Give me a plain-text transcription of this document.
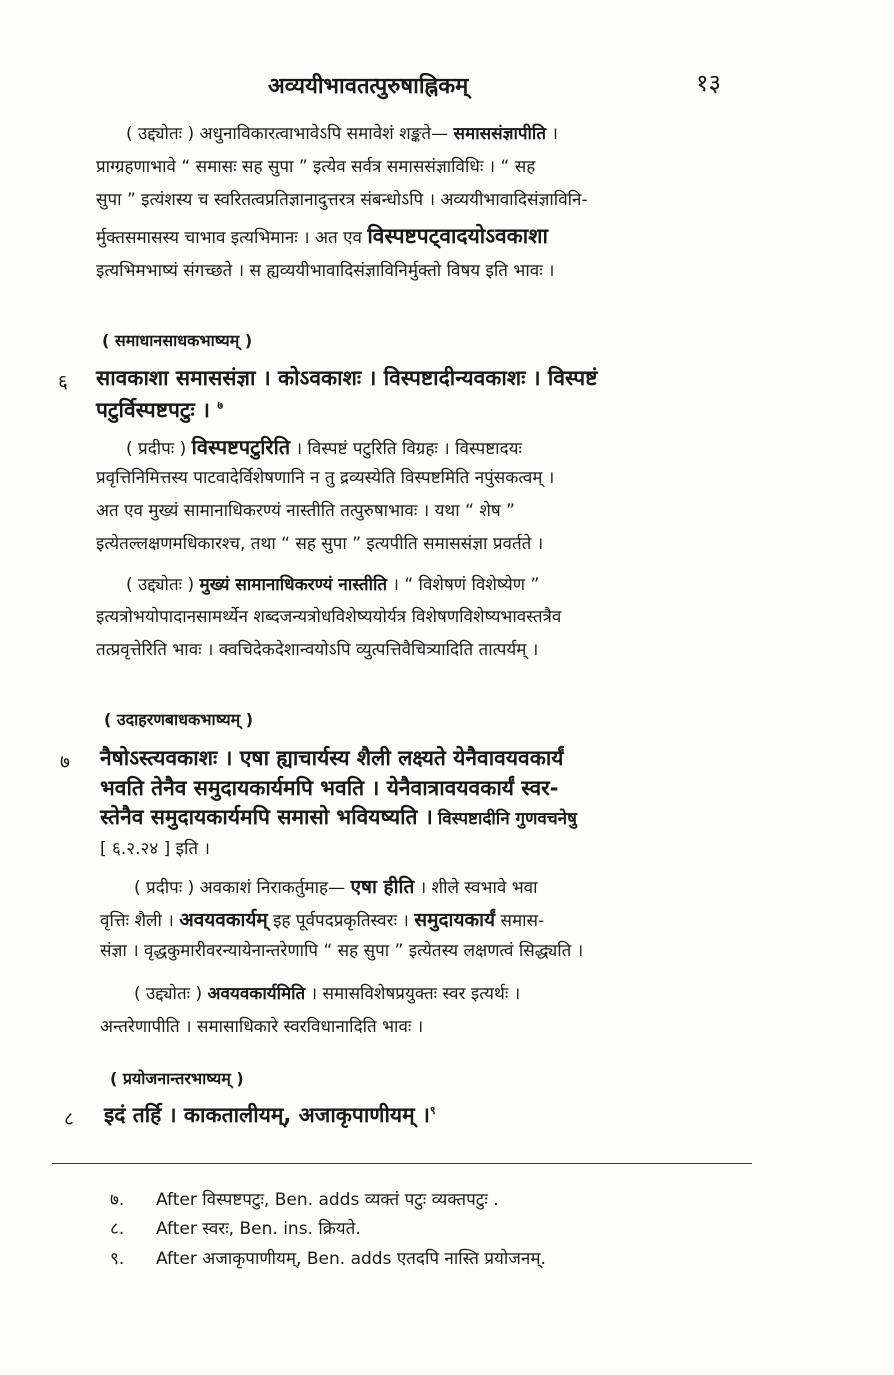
अव्ययीभावतत्पुरुषाह्निकम्	१३
( उद्द्योतः ) अधुनाविकारत्वाभावेऽपि समावेशं शङ्कते— समाससंज्ञापीति ।
प्राग्ग्रहणाभावे “ समासः सह सुपा ” इत्येव सर्वत्र समाससंज्ञाविधिः । “ सह
सुपा ” इत्यंशस्य च स्वरितत्वप्रतिज्ञानादुत्तरत्र संबन्धोऽपि । अव्ययीभावादिसंज्ञाविनि-
र्मुक्तसमासस्य चाभाव इत्यभिमानः । अत एव विस्पष्टपट्वादयोऽवकाशा
इत्यभिमभाष्यं संगच्छते । स ह्यव्ययीभावादिसंज्ञाविनिर्मुक्तो विषय इति भावः ।
( समाधानसाधकभाष्यम् )
६ सावकाशा समाससंज्ञा । कोऽवकाशः । विस्पष्टादीन्यवकाशः । विस्पष्टं
पटुर्विस्पष्टपटुः । $^७$
( प्रदीपः ) विस्पष्टपटुरिति । विस्पष्टं पटुरिति विग्रहः । विस्पष्टादयः
प्रवृत्तिनिमित्तस्य पाटवादेर्विशेषणानि न तु द्रव्यस्येति विस्पष्टमिति नपुंसकत्वम् ।
अत एव मुख्यं सामानाधिकरण्यं नास्तीति तत्पुरुषाभावः । यथा “ शेष ”
इत्येतल्लक्षणमधिकारश्च, तथा “ सह सुपा ” इत्यपीति समाससंज्ञा प्रवर्तते ।
( उद्द्योतः ) मुख्यं सामानाधिकरण्यं नास्तीति । “ विशेषणं विशेष्येण ”
इत्यत्रोभयोपादानसामर्थ्येन शब्दजन्यत्रोधविशेष्ययोर्यत्र विशेषणविशेष्यभावस्तत्रैव
तत्प्रवृत्तेरिति भावः । क्वचिदेकदेशान्वयोऽपि व्युत्पत्तिवैचित्र्यादिति तात्पर्यम् ।
( उदाहरणबाधकभाष्यम् )
७ नैषोऽस्त्यवकाशः । एषा ह्याचार्यस्य शैली लक्ष्यते येनैवावयवकार्यं
भवति तेनैव समुदायकार्यमपि भवति । येनैवात्रावयवकार्यं स्वर-
स्तेनैव समुदायकार्यमपि समासो भवियष्यति । विस्पष्टादीनि गुणवचनेषु
[ ६.२.२४ ] इति ।
( प्रदीपः ) अवकाशं निराकर्तुमाह— एषा हीति । शीले स्वभावे भवा
वृत्तिः शैली । अवयवकार्यम् इह पूर्वपदप्रकृतिस्वरः । समुदायकार्यं समास-
संज्ञा । वृद्धकुमारीवरन्यायेनान्तरेणापि “ सह सुपा ” इत्येतस्य लक्षणत्वं सिद्ध्यति ।
( उद्द्योतः ) अवयवकार्यमिति । समासविशेषप्रयुक्तः स्वर इत्यर्थः ।
अन्तरेणापीति । समासाधिकारे स्वरविधानादिति भावः ।
( प्रयोजनान्तरभाष्यम् )
८ इदं तर्हि । काकतालीयम्, अजाकृपाणीयम् ।$^९$
७. After विस्पष्टपटुः, Ben. adds व्यक्तं पटुः व्यक्तपटुः .
८. After स्वरः, Ben. ins. क्रियते.
९. After अजाकृपाणीयम्, Ben. adds एतदपि नास्ति प्रयोजनम्.
